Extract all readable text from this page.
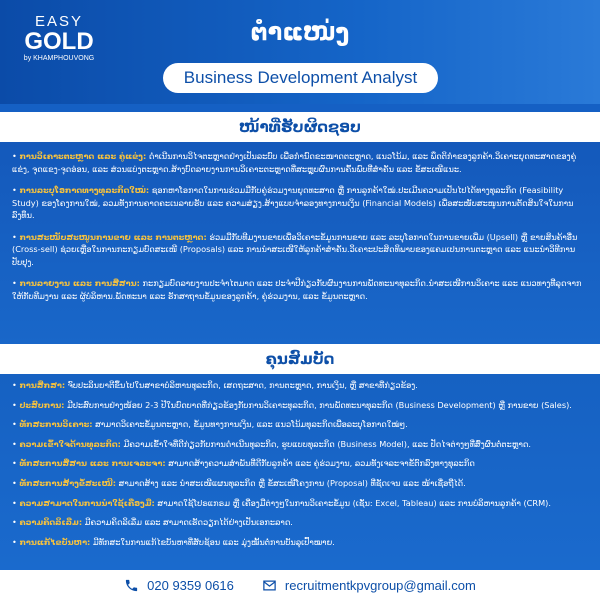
EASY
GOLD
by KHAMPHOUVONG
ຕຳແໜ່ງ
Business Development Analyst
ໜ້າທີ່ຮັບຜິດຊອບ
• ການວິເຄາະຕະຫຼາດ ແລະ ຄູ່ແຂ່ງ: ດຳເນີນການວິໄຈຕະຫຼາດຢ່າງເປັນລະບົບ ເພື່ອກຳນົດຂະໜາດຕະຫຼາດ, ແນວໂນ້ມ, ແລະ ພຶດຕິກຳຂອງລູກຄ້າ.ວິເຄາະຍຸດທະສາດຂອງຄູ່ແຂ່ງ, ຈຸດແຂງ-ຈຸດອ່ອນ, ແລະ ສ່ວນແບ່ງຕະຫຼາດ.ສ້າງບົດລາຍງານການວິເຄາະຕະຫຼາດທີ່ສະຫຼຸບຜົນການຄົ້ນພົບທີ່ສຳຄັນ ແລະ ຂໍ້ສະເໜີແນະ.
• ການລະບຸໂອກາດທາງທຸລະກິດໃໝ່: ຊອກຫາໂອກາດໃນການຮ່ວມມືກັບຄູ່ຮ່ວມງານຍຸດທະສາດ ຫຼື ການລູກຄ້າໃໝ່.ປະເມີນຄວາມເປັນໄປໄດ້ທາງທຸລະກິດ (Feasibility Study) ຂອງໂຄງການໃໝ່, ລວມທັງການຄາດຄະເນລາຍຮັບ ແລະ ຄວາມສ່ຽງ.ສ້າງແບບຈຳລອງທາງການເງິນ (Financial Models) ເພື່ອສະໜັບສະໜູນການຕັດສິນໃຈໃນການລົງທຶນ.
• ການສະໜັບສະໜູນການຂາຍ ແລະ ການຕະຫຼາດ: ຮ່ວມມືກັບທີມງານຂາຍເພື່ອວິເຄາະຂໍ້ມູນການຂາຍ ແລະ ລະບຸໂອກາດໃນການຂາຍເພີ່ມ (Upsell) ຫຼື ຂາຍສິນຄ້າອື່ນ (Cross-sell) ຊ່ວຍເຫຼືອໃນການກະກຽມບົດສະເໜີ (Proposals) ແລະ ການນຳສະເໜີໃຫ້ລູກຄ້າສຳຄັນ.ວິເຄາະປະສິດທິພາບຂອງແຄມເປນການຕະຫຼາດ ແລະ ແນະນຳວິທີການປັບປຸງ.
• ການລາຍງານ ແລະ ການສື່ສານ: ກະກຽມບົດລາຍງານປະຈຳໄຕມາດ ແລະ ປະຈຳປີກ່ຽວກັບຜົນງານການພັດທະນາທຸລະກິດ.ນຳສະເໜີການວິເຄາະ ແລະ ແນວທາງທີ່ລຸດຈາກໃຫ້ກັບທີມງານ ແລະ ຜູ້ບໍລິຫານ.ພັດທະນາ ແລະ ຮັກສາຖານຂໍ້ມູນຂອງລູກຄ້າ, ຄູ່ຮ່ວມງານ, ແລະ ຂໍ້ມູນຕະຫຼາດ.
ຄຸນສົມບັດ
• ການສຶກສາ: ຈົບປະລິນຍາຕີຂຶ້ນໄປໃນສາຂາບໍລິຫານທຸລະກິດ, ເສດຖະສາດ, ການຕະຫຼາດ, ການເງິນ, ຫຼື ສາຂາທີ່ກ່ຽວຂ້ອງ.
• ປະສົບການ: ມີປະສົບການຢ່າງໜ້ອຍ 2-3 ປີໃນບົດບາດທີ່ກ່ຽວຂ້ອງກັບການວິເຄາະທຸລະກິດ, ການພັດທະນາທຸລະກິດ (Business Development) ຫຼື ການຂາຍ (Sales).
• ທັກສະການວິເຄາະ: ສາມາດວິເຄາະຂໍ້ມູນຕະຫຼາດ, ຂໍ້ມູນທາງການເງິນ, ແລະ ແນວໂນ້ມທຸລະກິດເພື່ອລະບຸໂອກາດໃໝ່ໆ.
• ຄວາມເຂົ້າໃຈດ້ານທຸລະກິດ: ມີຄວາມເຂົ້າໃຈທີ່ດີກ່ຽວກັບການດຳເນີນທຸລະກິດ, ຮູບແບບທຸລະກິດ (Business Model), ແລະ ປັດໄຈຕ່າງໆທີ່ສົ່ງຜົນຕໍ່ຕະຫຼາດ.
• ທັກສະການສື່ສານ ແລະ ການເຈລະຈາ: ສາມາດສ້າງຄວາມສຳພັນທີ່ດີກັບລູກຄ້າ ແລະ ຄູ່ຮ່ວມງານ, ລວມທັງເຈລະຈາຂໍ້ຕົກລົງທາງທຸລະກິດ
• ທັກສະການສ້າງຂໍ້ສະເໜີ: ສາມາດສ້າງ ແລະ ນຳສະເໜີແຜນທຸລະກິດ ຫຼື ຂໍ້ສະເໜີໂຄງການ (Proposal) ທີ່ຊັດເຈນ ແລະ ໜ້າເຊື່ອຖືໄດ້.
• ຄວາມສາມາດໃນການນຳໃຊ້ເຄື່ອງມື: ສາມາດໃຊ້ໂປຣແກຣມ ຫຼື ເຄື່ອງມືຕ່າງໆໃນການວິເຄາະຂໍ້ມູນ (ເຊັ່ນ: Excel, Tableau) ແລະ ການບໍລິຫານລູກຄ້າ (CRM).
• ຄວາມຄິດລິເລີ່ມ: ມີຄວາມຄິດລິເລີ່ມ ແລະ ສາມາດເຮັດວຽກໄດ້ຢ່າງເປັນເອກະລາດ.
• ການແກ້ໄຂບັນຫາ: ມີທັກສະໃນການແກ້ໄຂບັນຫາທີ່ສັບຊ້ອນ ແລະ ມຸ່ງໝັ້ນຕໍ່ການບັນລຸເປົ້າໝາຍ.
020 9359 0616	recruitmentkpvgroup@gmail.com
